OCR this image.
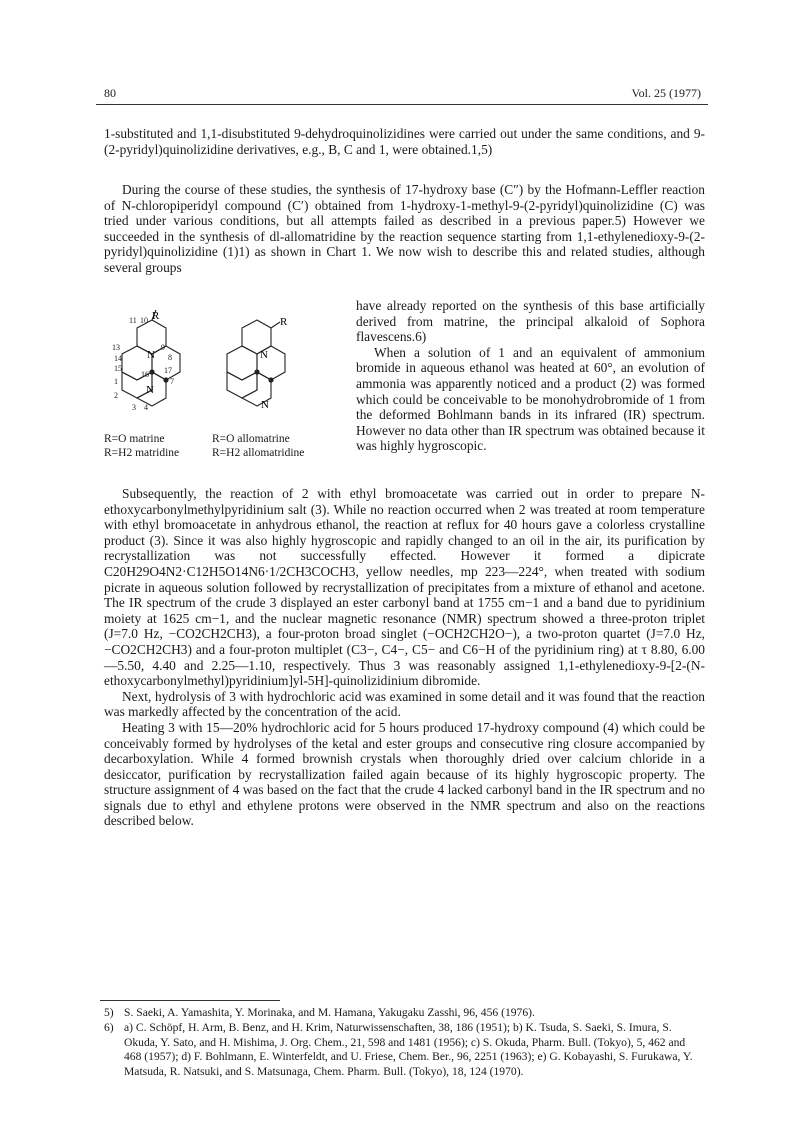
80	Vol. 25 (1977)

1-substituted and 1,1-disubstituted 9-dehydroquinolizidines were carried out under the same conditions, and 9-(2-pyridyl)quinolizidine derivatives, e.g., B, C and 1, were obtained.1,5)

During the course of these studies, the synthesis of 17-hydroxy base (C″) by the Hofmann-Leffler reaction of N-chloropiperidyl compound (C′) obtained from 1-hydroxy-1-methyl-9-(2-pyridyl)quinolizidine (C) was tried under various conditions, but all attempts failed as described in a previous paper.5) However we succeeded in the synthesis of dl-allomatridine by the reaction sequence starting from 1,1-ethylenedioxy-9-(2-pyridyl)quinolizidine (1)1) as shown in Chart 1. We now wish to describe this and related studies, although several groups

R
N
N
11 10
9
13
14	8
15
16 17
1	7
2
3 4
R
N
N
R=O matrine
R=H2 matridine
R=O allomatrine
R=H2 allomatridine

have already reported on the synthesis of this base artificially derived from matrine, the principal alkaloid of Sophora flavescens.6)

When a solution of 1 and an equivalent of ammonium bromide in aqueous ethanol was heated at 60°, an evolution of ammonia was apparently noticed and a product (2) was formed which could be conceivable to be monohydrobromide of 1 from the deformed Bohlmann bands in its infrared (IR) spectrum. However no data other than IR spectrum was obtained because it was highly hygroscopic.

Subsequently, the reaction of 2 with ethyl bromoacetate was carried out in order to prepare N-ethoxycarbonylmethylpyridinium salt (3). While no reaction occurred when 2 was treated at room temperature with ethyl bromoacetate in anhydrous ethanol, the reaction at reflux for 40 hours gave a colorless crystalline product (3). Since it was also highly hygroscopic and rapidly changed to an oil in the air, its purification by recrystallization was not successfully effected. However it formed a dipicrate C20H29O4N2·C12H5O14N6·1/2CH3COCH3, yellow needles, mp 223—224°, when treated with sodium picrate in aqueous solution followed by recrystallization of precipitates from a mixture of ethanol and acetone. The IR spectrum of the crude 3 displayed an ester carbonyl band at 1755 cm−1 and a band due to pyridinium moiety at 1625 cm−1, and the nuclear magnetic resonance (NMR) spectrum showed a three-proton triplet (J=7.0 Hz, −CO2CH2CH3), a four-proton broad singlet (−OCH2CH2O−), a two-proton quartet (J=7.0 Hz, −CO2CH2CH3) and a four-proton multiplet (C3−, C4−, C5− and C6−H of the pyridinium ring) at τ 8.80, 6.00—5.50, 4.40 and 2.25—1.10, respectively. Thus 3 was reasonably assigned 1,1-ethylenedioxy-9-[2-(N-ethoxycarbonylmethyl)pyridinium]yl-5H]-quinolizidinium dibromide.

Next, hydrolysis of 3 with hydrochloric acid was examined in some detail and it was found that the reaction was markedly affected by the concentration of the acid.

Heating 3 with 15—20% hydrochloric acid for 5 hours produced 17-hydroxy compound (4) which could be conceivably formed by hydrolyses of the ketal and ester groups and consecutive ring closure accompanied by decarboxylation. While 4 formed brownish crystals when thoroughly dried over calcium chloride in a desiccator, purification by recrystallization failed again because of its highly hygroscopic property. The structure assignment of 4 was based on the fact that the crude 4 lacked carbonyl band in the IR spectrum and no signals due to ethyl and ethylene protons were observed in the NMR spectrum and also on the reactions described below.

5) S. Saeki, A. Yamashita, Y. Morinaka, and M. Hamana, Yakugaku Zasshi, 96, 456 (1976).
6) a) C. Schöpf, H. Arm, B. Benz, and H. Krim, Naturwissenschaften, 38, 186 (1951); b) K. Tsuda, S. Saeki, S. Imura, S. Okuda, Y. Sato, and H. Mishima, J. Org. Chem., 21, 598 and 1481 (1956); c) S. Okuda, Pharm. Bull. (Tokyo), 5, 462 and 468 (1957); d) F. Bohlmann, E. Winterfeldt, and U. Friese, Chem. Ber., 96, 2251 (1963); e) G. Kobayashi, S. Furukawa, Y. Matsuda, R. Natsuki, and S. Matsunaga, Chem. Pharm. Bull. (Tokyo), 18, 124 (1970).
